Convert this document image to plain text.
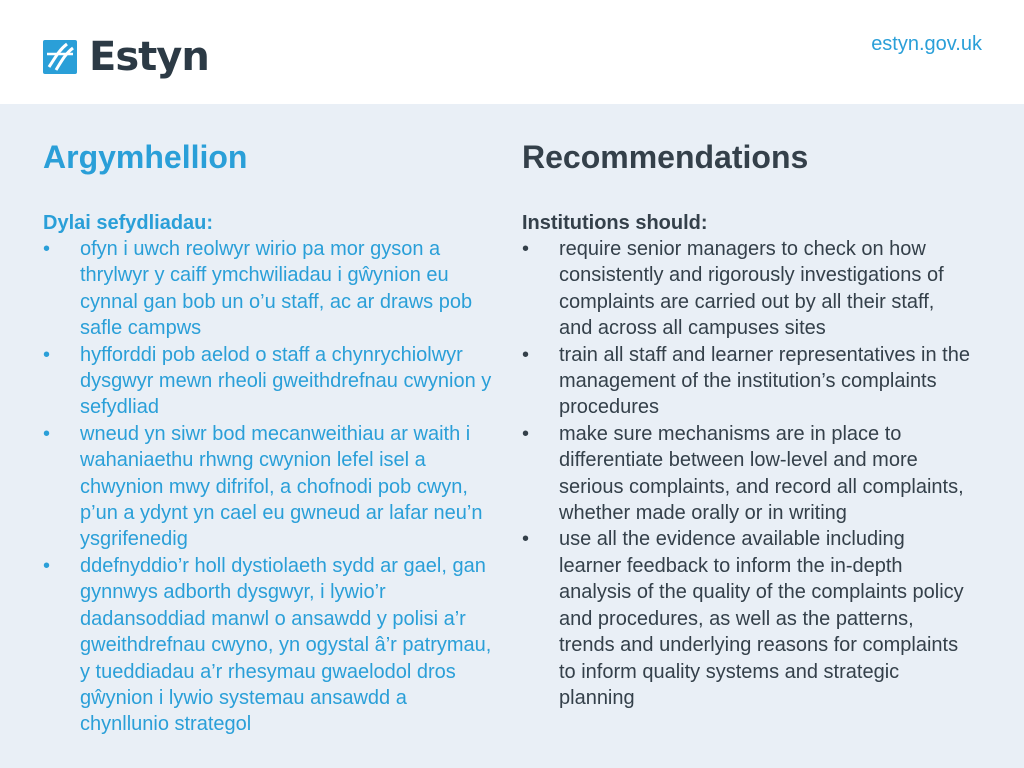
Estyn	estyn.gov.uk
Argymhellion
Dylai sefydliadau:
• ofyn i uwch reolwyr wirio pa mor gyson a thrylwyr y caiff ymchwiliadau i gŵynion eu cynnal gan bob un o’u staff, ac ar draws pob safle campws
• hyfforddi pob aelod o staff a chynrychiolwyr dysgwyr mewn rheoli gweithdrefnau cwynion y sefydliad
• wneud yn siwr bod mecanweithiau ar waith i wahaniaethu rhwng cwynion lefel isel a chwynion mwy difrifol, a chofnodi pob cwyn, p’un a ydynt yn cael eu gwneud ar lafar neu’n ysgrifenedig
• ddefnyddio’r holl dystiolaeth sydd ar gael, gan gynnwys adborth dysgwyr, i lywio’r dadansoddiad manwl o ansawdd y polisi a’r gweithdrefnau cwyno, yn ogystal â’r patrymau, y tueddiadau a’r rhesymau gwaelodol dros gŵynion i lywio systemau ansawdd a chynllunio strategol
Recommendations
Institutions should:
• require senior managers to check on how consistently and rigorously investigations of complaints are carried out by all their staff, and across all campuses sites
• train all staff and learner representatives in the management of the institution’s complaints procedures
• make sure mechanisms are in place to differentiate between low-level and more serious complaints, and record all complaints, whether made orally or in writing
• use all the evidence available including learner feedback to inform the in-depth analysis of the quality of the complaints policy and procedures, as well as the patterns, trends and underlying reasons for complaints to inform quality systems and strategic planning
